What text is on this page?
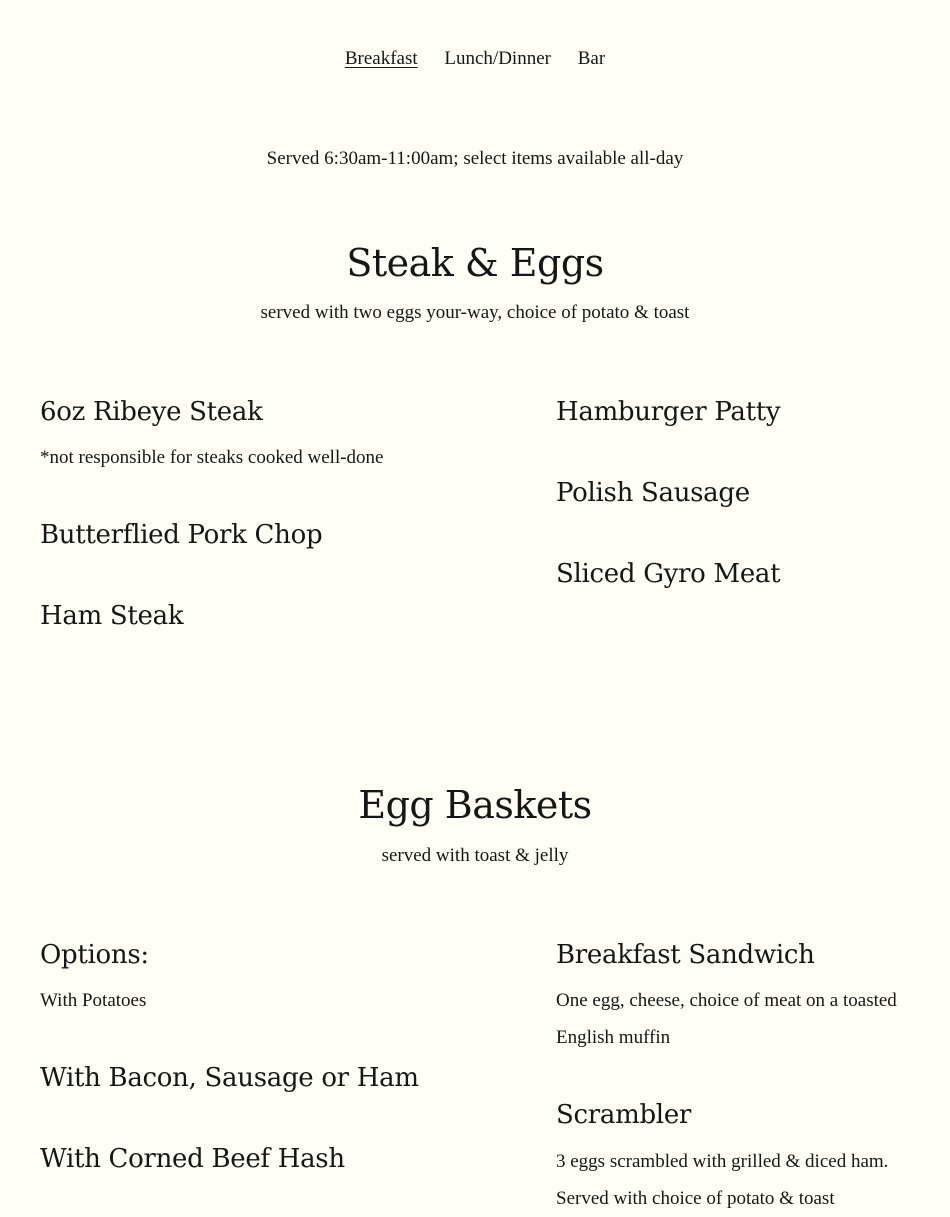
Breakfast Lunch/Dinner Bar
Served 6:30am-11:00am; select items available all-day
Steak & Eggs
served with two eggs your-way, choice of potato & toast
6oz Ribeye Steak
*not responsible for steaks cooked well-done
Butterflied Pork Chop
Ham Steak
Hamburger Patty
Polish Sausage
Sliced Gyro Meat
Egg Baskets
served with toast & jelly
Options:
With Potatoes
With Bacon, Sausage or Ham
With Corned Beef Hash
Breakfast Sandwich
One egg, cheese, choice of meat on a toasted English muffin
Scrambler
3 eggs scrambled with grilled & diced ham. Served with choice of potato & toast
